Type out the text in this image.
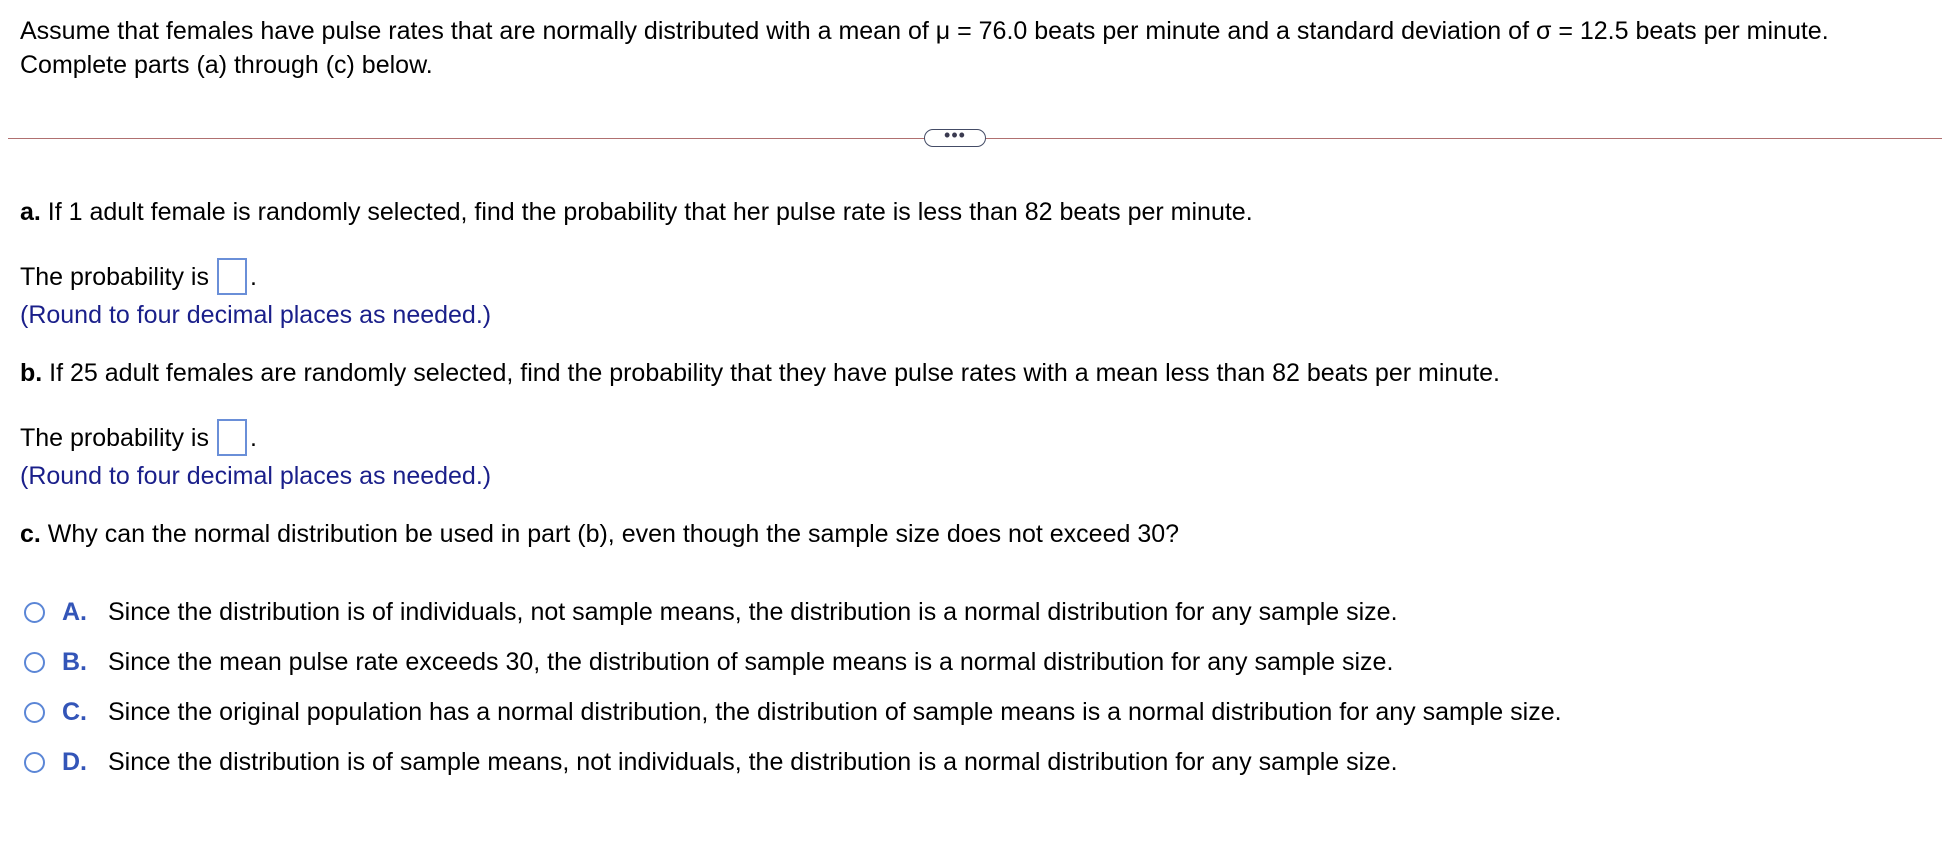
Assume that females have pulse rates that are normally distributed with a mean of μ = 76.0 beats per minute and a standard deviation of σ = 12.5 beats per minute.
Complete parts (a) through (c) below.
•••
a. If 1 adult female is randomly selected, find the probability that her pulse rate is less than 82 beats per minute.
The probability is .
(Round to four decimal places as needed.)
b. If 25 adult females are randomly selected, find the probability that they have pulse rates with a mean less than 82 beats per minute.
The probability is .
(Round to four decimal places as needed.)
c. Why can the normal distribution be used in part (b), even though the sample size does not exceed 30?
A. Since the distribution is of individuals, not sample means, the distribution is a normal distribution for any sample size.
B. Since the mean pulse rate exceeds 30, the distribution of sample means is a normal distribution for any sample size.
C. Since the original population has a normal distribution, the distribution of sample means is a normal distribution for any sample size.
D. Since the distribution is of sample means, not individuals, the distribution is a normal distribution for any sample size.
